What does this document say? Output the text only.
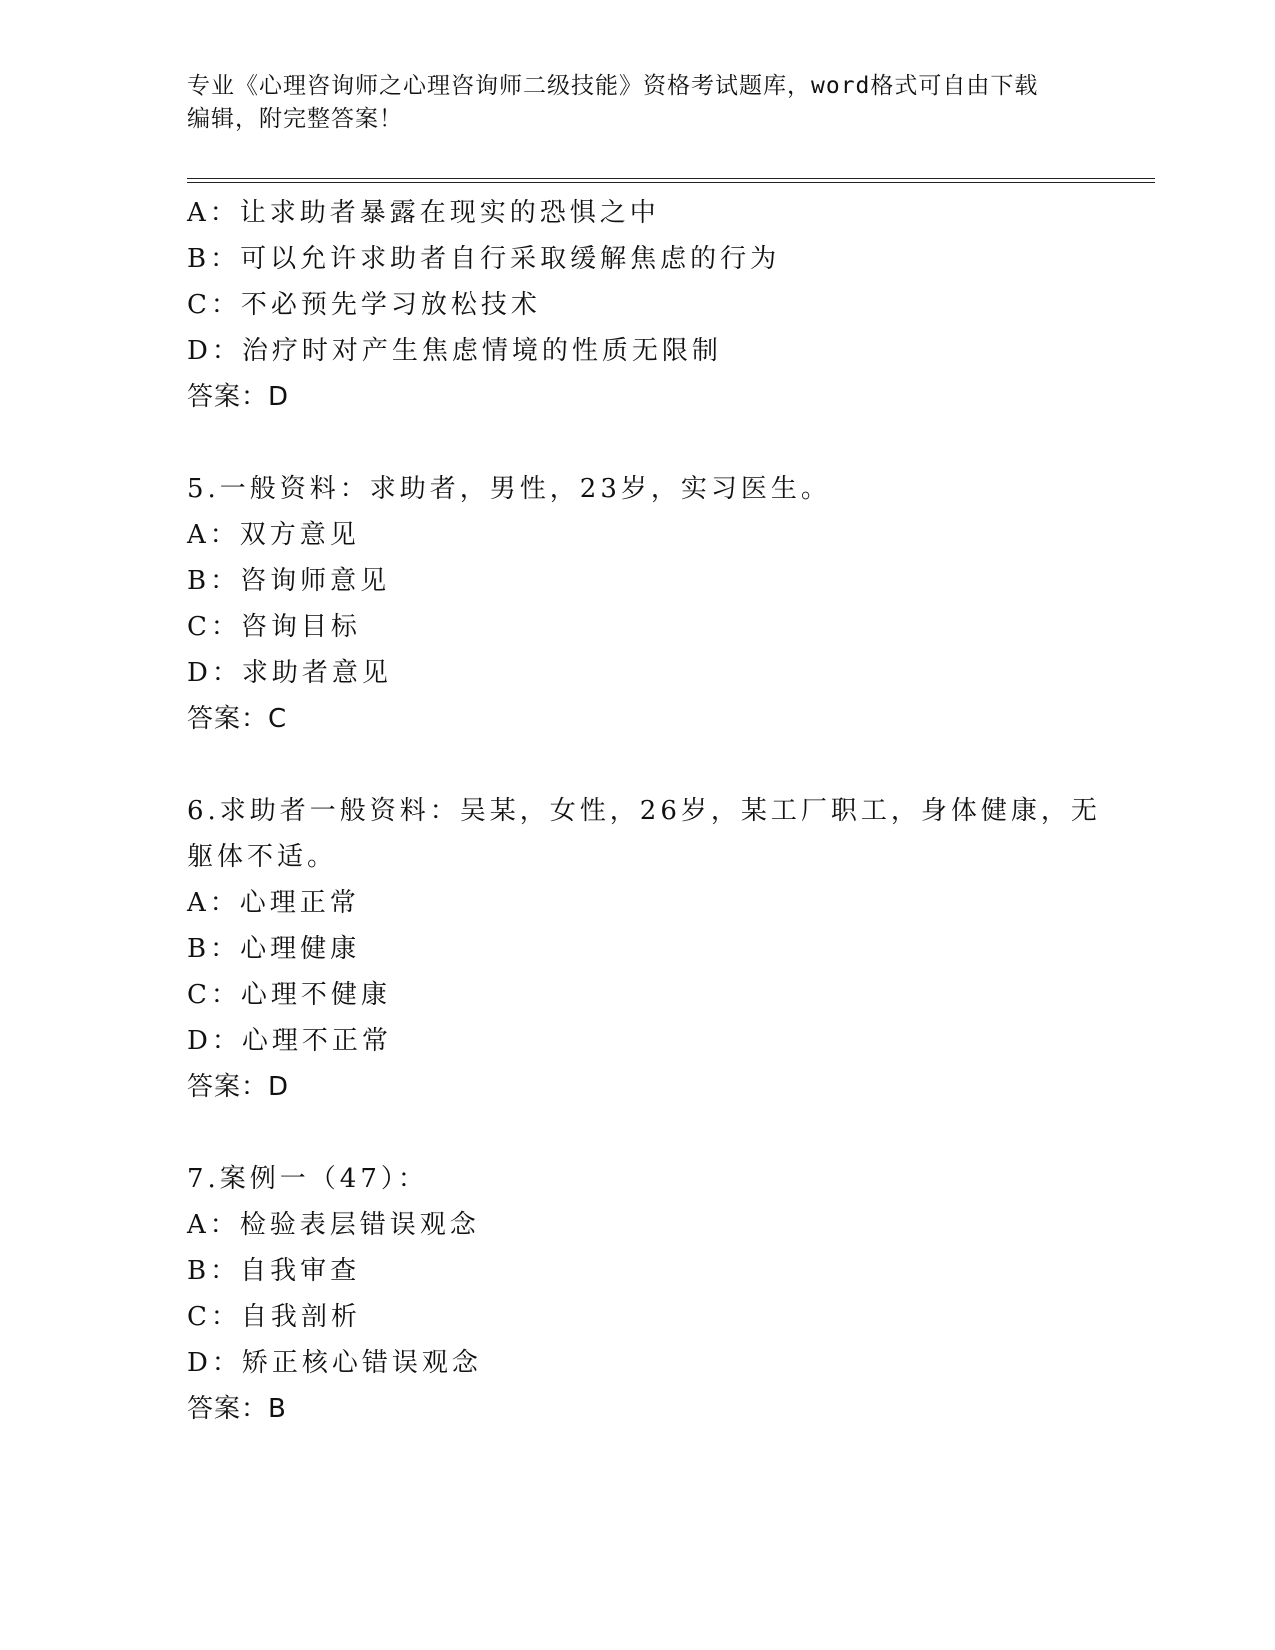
专业《心理咨询师之心理咨询师二级技能》资格考试题库，word格式可自由下载
编辑，附完整答案！
A：让求助者暴露在现实的恐惧之中
B：可以允许求助者自行采取缓解焦虑的行为
C：不必预先学习放松技术
D：治疗时对产生焦虑情境的性质无限制
答案：D
5.一般资料：求助者，男性，23岁，实习医生。
A：双方意见
B：咨询师意见
C：咨询目标
D：求助者意见
答案：C
6.求助者一般资料：吴某，女性，26岁，某工厂职工，身体健康，无
躯体不适。
A：心理正常
B：心理健康
C：心理不健康
D：心理不正常
答案：D
7.案例一（47）：
A：检验表层错误观念
B：自我审查
C：自我剖析
D：矫正核心错误观念
答案：B
